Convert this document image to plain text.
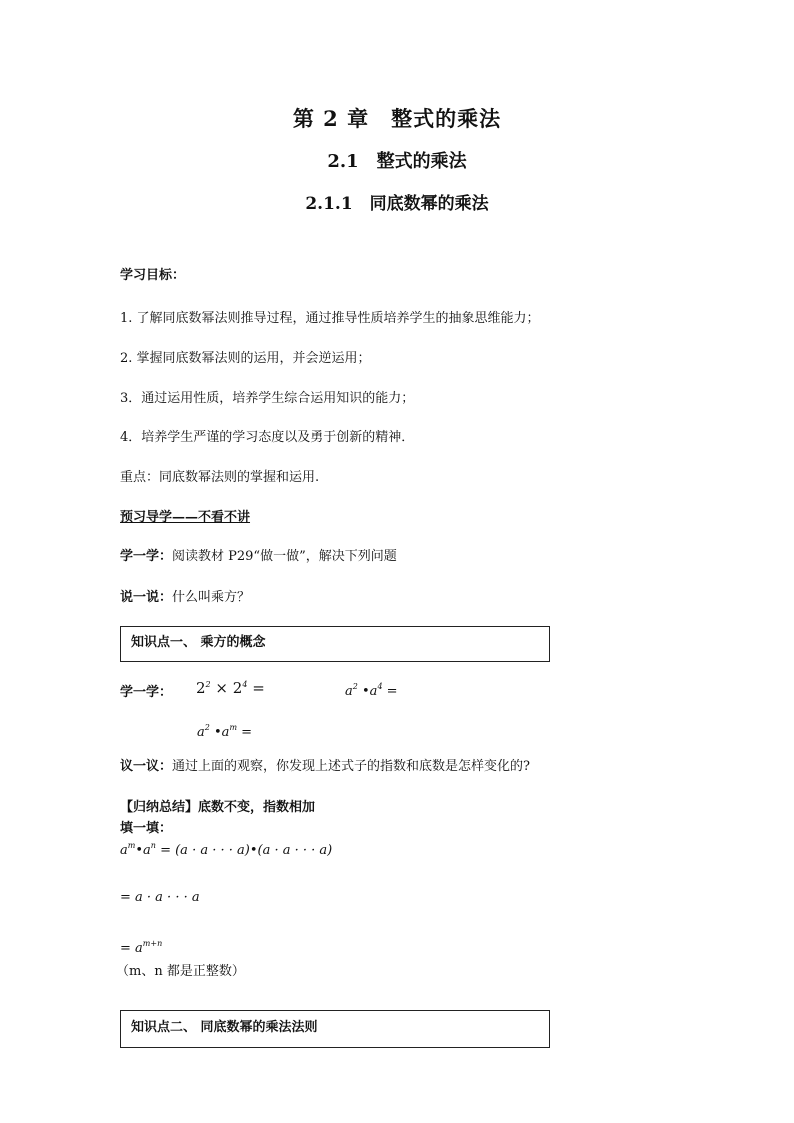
第 2 章　整式的乘法
2.1　整式的乘法
2.1.1　同底数幂的乘法
学习目标：
1. 了解同底数幂法则推导过程，通过推导性质培养学生的抽象思维能力；
2. 掌握同底数幂法则的运用，并会逆运用；
3．通过运用性质，培养学生综合运用知识的能力；
4．培养学生严谨的学习态度以及勇于创新的精神．
重点：同底数幂法则的掌握和运用.
预习导学——不看不讲
学一学：阅读教材 P29“做一做”，解决下列问题
说一说：什么叫乘方？
知识点一、 乘方的概念
学一学： $2^2 \times 2^4$ =	$a^2$ $•a^4$ =
$a^2$ $•a^m$ =
议一议：通过上面的观察，你发现上述式子的指数和底数是怎样变化的?
【归纳总结】底数不变，指数相加
填一填：
$a^m•a^n = (a \cdot a$ · · · a)•(a · a · · · a)
= a · a · · · a
= $a^{m+n}$
（m、n 都是正整数）
知识点二、 同底数幂的乘法法则
